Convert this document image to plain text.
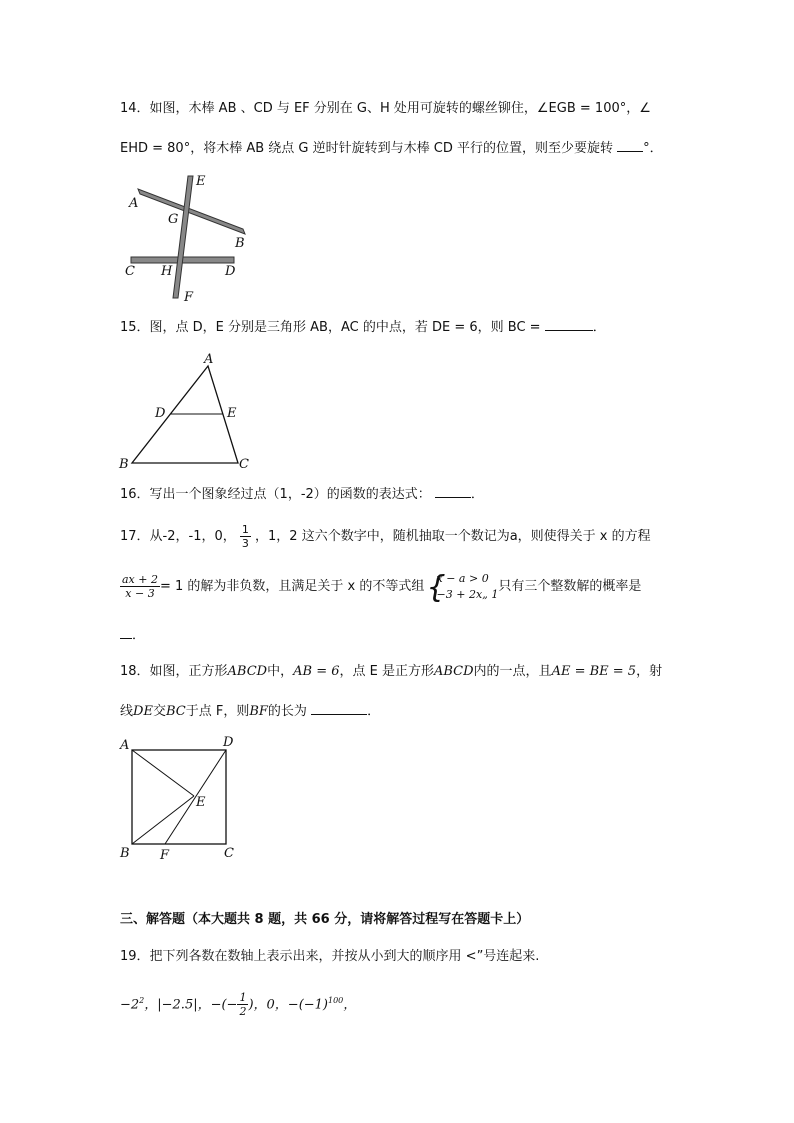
14．如图，木棒 AB 、CD 与 EF 分别在 G、H 处用可旋转的螺丝铆住，∠EGB = 100°，∠
EHD = 80°，将木棒 AB 绕点 G 逆时针旋转到与木棒 CD 平行的位置，则至少要旋转 °．
E
A
G
B
C H	D
F
15．图，点 D，E 分别是三角形 AB，AC 的中点，若 DE = 6，则 BC =	．
A
D	E
B	C
16．写出一个图象经过点（1，-2）的函数的表达式：	．
17．从-2，-1，0， $\frac{1}{3}$ ，1，2 这六个数字中，随机抽取一个数记为a，则使得关于 x 的方程
$\frac{ax + 2}{x - 3} = 1$ 的解为非负数，且满足关于 x 的不等式组
{ x − a > 0
−3 + 2x„ 1 只有三个整数解的概率是
．
18．如图，正方形ABCD中，AB = 6，点 E 是正方形ABCD内的一点，且AE = BE = 5，射
线DE交BC于点 F，则BF的长为	．
A	D
E
B F	C
三、解答题（本大题共 8 题，共 66 分，请将解答过程写在答题卡上）
19．把下列各数在数轴上表示出来，并按从小到大的顺序用 <”号连起来.
$-2^2$，|−2.5|，−(− $\frac{1}{2}$ )，0，$-(-1)^{100}$，
